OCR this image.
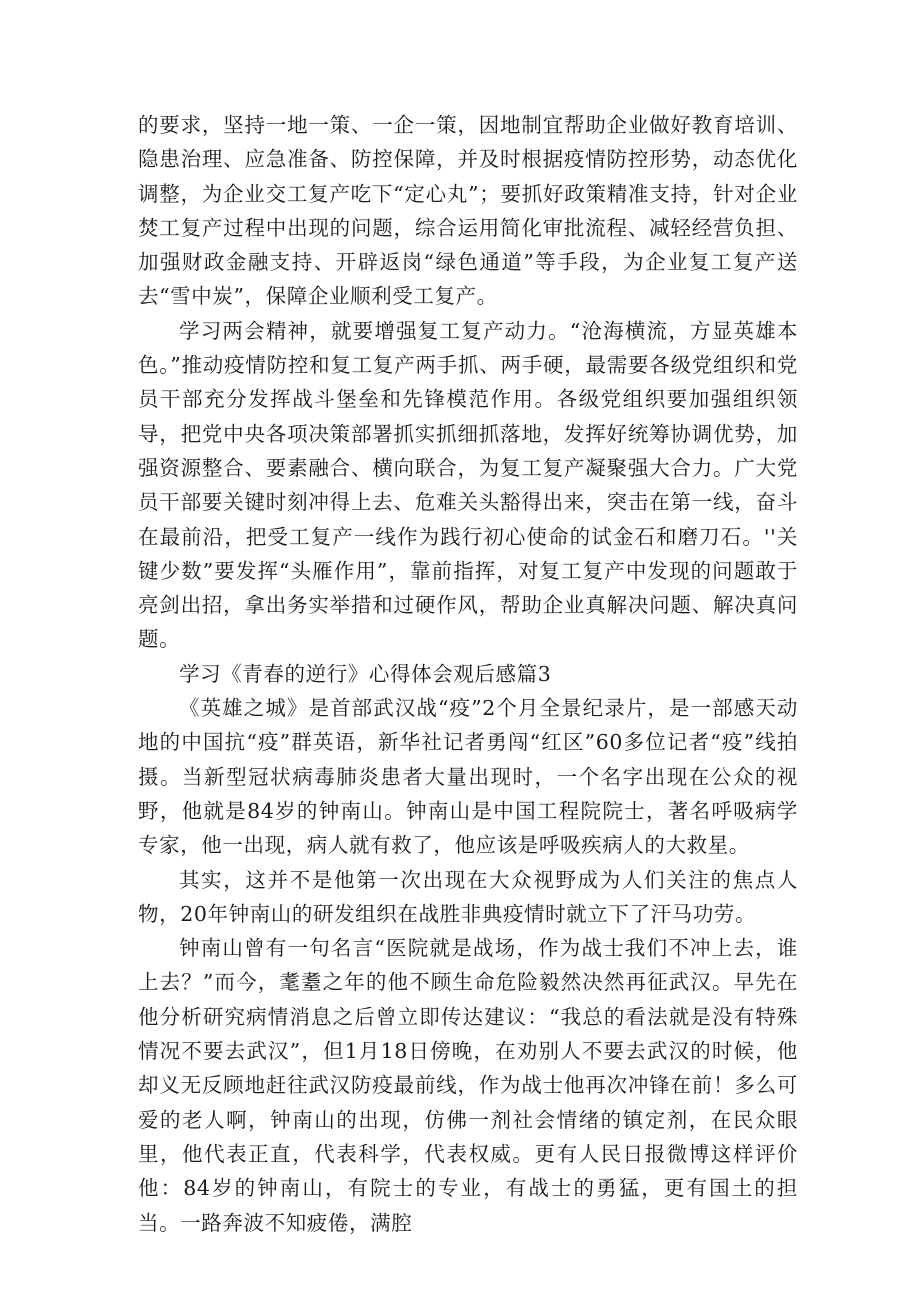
的要求，坚持一地一策、一企一策，因地制宜帮助企业做好教育培训、隐患治理、应急准备、防控保障，并及时根据疫情防控形势，动态优化调整，为企业交工复产吃下“定心丸”；要抓好政策精准支持，针对企业焚工复产过程中出现的问题，综合运用简化审批流程、减轻经营负担、加强财政金融支持、开辟返岗“绿色通道”等手段，为企业复工复产送去“雪中炭”，保障企业顺利受工复产。

学习两会精神，就要增强复工复产动力。“沧海横流，方显英雄本色。”推动疫情防控和复工复产两手抓、两手硬，最需要各级党组织和党员干部充分发挥战斗堡垒和先锋模范作用。各级党组织要加强组织领导，把党中央各项决策部署抓实抓细抓落地，发挥好统筹协调优势，加强资源整合、要素融合、横向联合，为复工复产凝聚强大合力。广大党员干部要关键时刻冲得上去、危难关头豁得出来，突击在第一线，奋斗在最前沿，把受工复产一线作为践行初心使命的试金石和磨刀石。''关键少数”要发挥“头雁作用”，靠前指挥，对复工复产中发现的问题敢于亮剑出招，拿出务实举措和过硬作风，帮助企业真解决问题、解决真问题。

学习《青春的逆行》心得体会观后感篇3

《英雄之城》是首部武汉战“疫”2个月全景纪录片，是一部感天动地的中国抗“疫”群英语，新华社记者勇闯“红区”60多位记者“疫”线拍摄。当新型冠状病毒肺炎患者大量出现时，一个名字出现在公众的视野，他就是84岁的钟南山。钟南山是中国工程院院士，著名呼吸病学专家，他一出现，病人就有救了，他应该是呼吸疾病人的大救星。

其实，这并不是他第一次出现在大众视野成为人们关注的焦点人物，20年钟南山的研发组织在战胜非典疫情时就立下了汗马功劳。

钟南山曾有一句名言“医院就是战场，作为战士我们不冲上去，谁上去？”而今，耄耋之年的他不顾生命危险毅然决然再征武汉。早先在他分析研究病情消息之后曾立即传达建议：“我总的看法就是没有特殊情况不要去武汉”，但1月18日傍晚，在劝别人不要去武汉的时候，他却义无反顾地赶往武汉防疫最前线，作为战士他再次冲锋在前！多么可爱的老人啊，钟南山的出现，仿佛一剂社会情绪的镇定剂，在民众眼里，他代表正直，代表科学，代表权威。更有人民日报微博这样评价他：84岁的钟南山，有院士的专业，有战士的勇猛，更有国土的担当。一路奔波不知疲倦，满腔
